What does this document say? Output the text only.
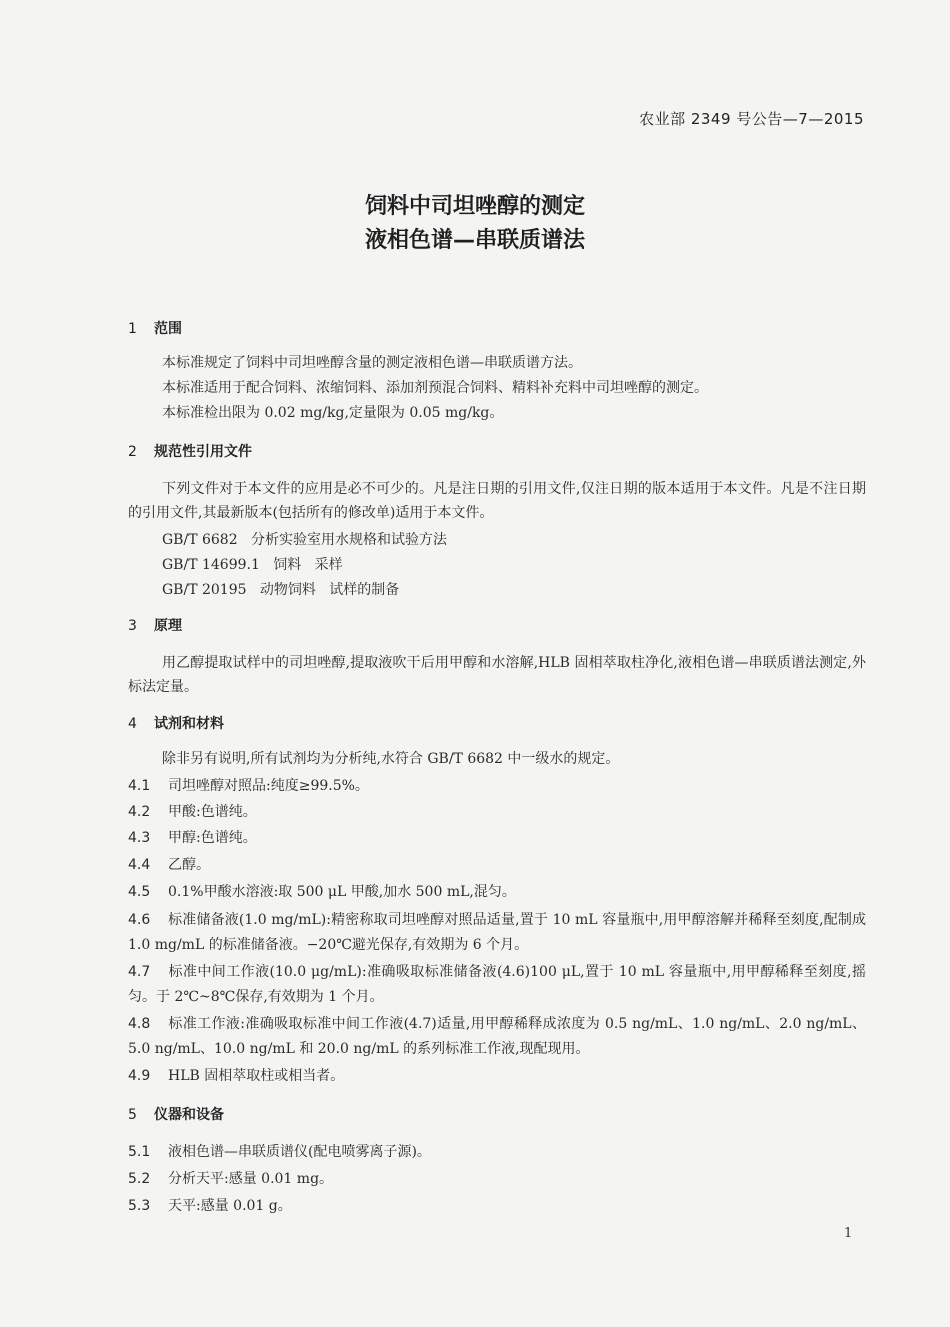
农业部 2349 号公告—7—2015
饲料中司坦唑醇的测定
液相色谱—串联质谱法
1 范围
本标准规定了饲料中司坦唑醇含量的测定液相色谱—串联质谱方法。
本标准适用于配合饲料、浓缩饲料、添加剂预混合饲料、精料补充料中司坦唑醇的测定。
本标准检出限为 0.02 mg/kg,定量限为 0.05 mg/kg。
2 规范性引用文件
下列文件对于本文件的应用是必不可少的。凡是注日期的引用文件,仅注日期的版本适用于本文件。凡是不注日期的引用文件,其最新版本(包括所有的修改单)适用于本文件。
GB/T 6682   分析实验室用水规格和试验方法
GB/T 14699.1   饲料   采样
GB/T 20195   动物饲料   试样的制备
3 原理
用乙醇提取试样中的司坦唑醇,提取液吹干后用甲醇和水溶解,HLB 固相萃取柱净化,液相色谱—串联质谱法测定,外标法定量。
4 试剂和材料
除非另有说明,所有试剂均为分析纯,水符合 GB/T 6682 中一级水的规定。
4.1 司坦唑醇对照品:纯度≥99.5%。
4.2 甲酸:色谱纯。
4.3 甲醇:色谱纯。
4.4 乙醇。
4.5 0.1%甲酸水溶液:取 500 μL 甲酸,加水 500 mL,混匀。
4.6 标准储备液(1.0 mg/mL):精密称取司坦唑醇对照品适量,置于 10 mL 容量瓶中,用甲醇溶解并稀释至刻度,配制成 1.0 mg/mL 的标准储备液。−20℃避光保存,有效期为 6 个月。
4.7 标准中间工作液(10.0 μg/mL):准确吸取标准储备液(4.6)100 μL,置于 10 mL 容量瓶中,用甲醇稀释至刻度,摇匀。于 2℃~8℃保存,有效期为 1 个月。
4.8 标准工作液:准确吸取标准中间工作液(4.7)适量,用甲醇稀释成浓度为 0.5 ng/mL、1.0 ng/mL、2.0 ng/mL、5.0 ng/mL、10.0 ng/mL 和 20.0 ng/mL 的系列标准工作液,现配现用。
4.9 HLB 固相萃取柱或相当者。
5 仪器和设备
5.1 液相色谱—串联质谱仪(配电喷雾离子源)。
5.2 分析天平:感量 0.01 mg。
5.3 天平:感量 0.01 g。
1
